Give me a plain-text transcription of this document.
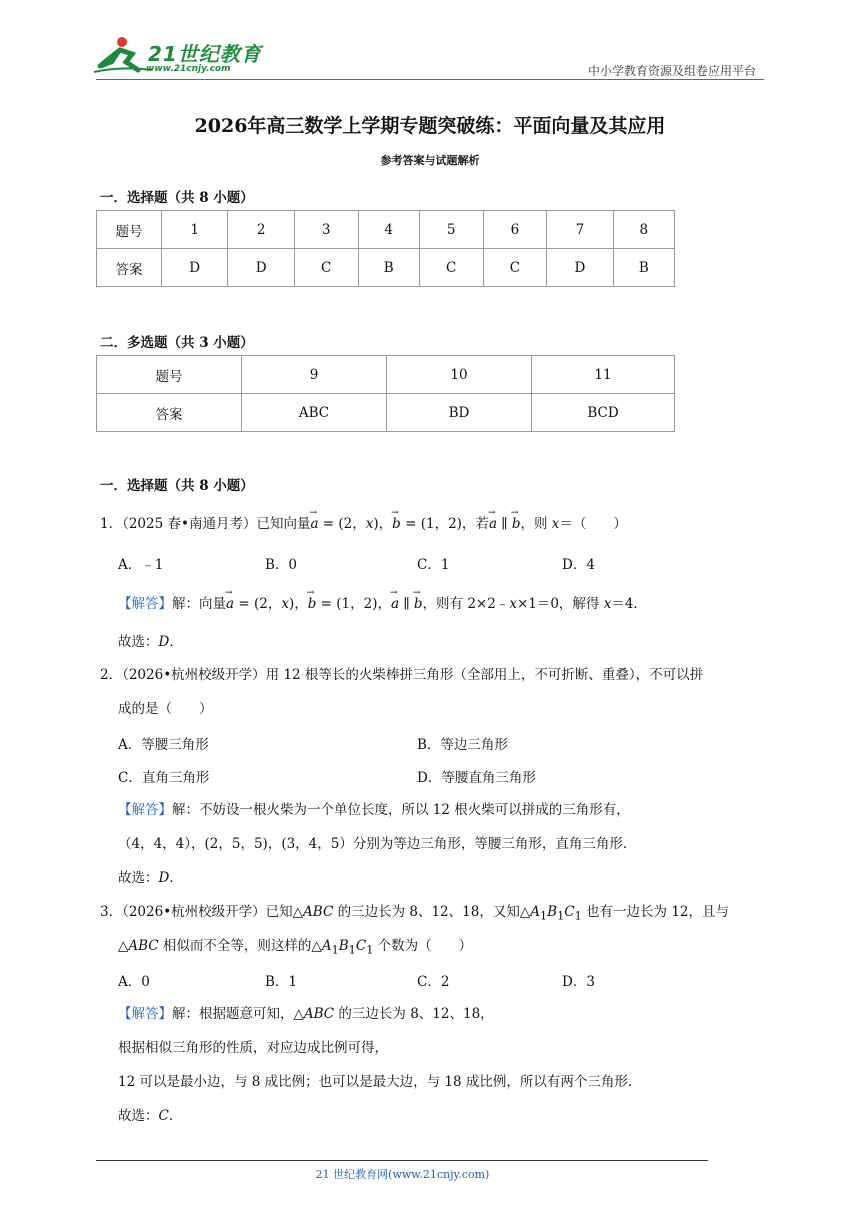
21世纪教育
www.21cnjy.com	中小学教育资源及组卷应用平台
2026年高三数学上学期专题突破练：平面向量及其应用
参考答案与试题解析
一．选择题（共 8 小题）
题号	1	2	3	4	5	6	7	8
答案	D	D	C	B	C	C	D	B
二．多选题（共 3 小题）
题号	9	10	11
答案	ABC	BD	BCD
一．选择题（共 8 小题）
1．（2025 春•南通月考）已知向量→ a = (2，x)，→ b = (1，2)，若→ a ∥ → b，则 x＝（　　）
A．﹣1	B．0	C．1	D．4
【解答】解：向量→ a = (2，x)，→ b = (1，2)，→ a ∥ → b，则有 2×2﹣x×1＝0，解得 x＝4．
故选：D．
2．（2026•杭州校级开学）用 12 根等长的火柴棒拼三角形（全部用上，不可折断、重叠），不可以拼
成的是（　　）
A．等腰三角形	B．等边三角形
C．直角三角形	D．等腰直角三角形
【解答】解：不妨设一根火柴为一个单位长度，所以 12 根火柴可以拼成的三角形有，
（4，4，4），(2，5，5)，(3，4，5）分别为等边三角形，等腰三角形，直角三角形．
故选：D．
3．（2026•杭州校级开学）已知△ABC 的三边长为 8、12、18，又知$\triangle A_1B_1C_1$ 也有一边长为 12，且与
△ABC 相似而不全等，则这样的$\triangle A_1B_1C_1$ 个数为（　　）
A．0	B．1	C．2	D．3
【解答】解：根据题意可知，△ABC 的三边长为 8、12、18，
根据相似三角形的性质，对应边成比例可得，
12 可以是最小边，与 8 成比例；也可以是最大边，与 18 成比例，所以有两个三角形．
故选：C．
21 世纪教育网(www.21cnjy.com)
